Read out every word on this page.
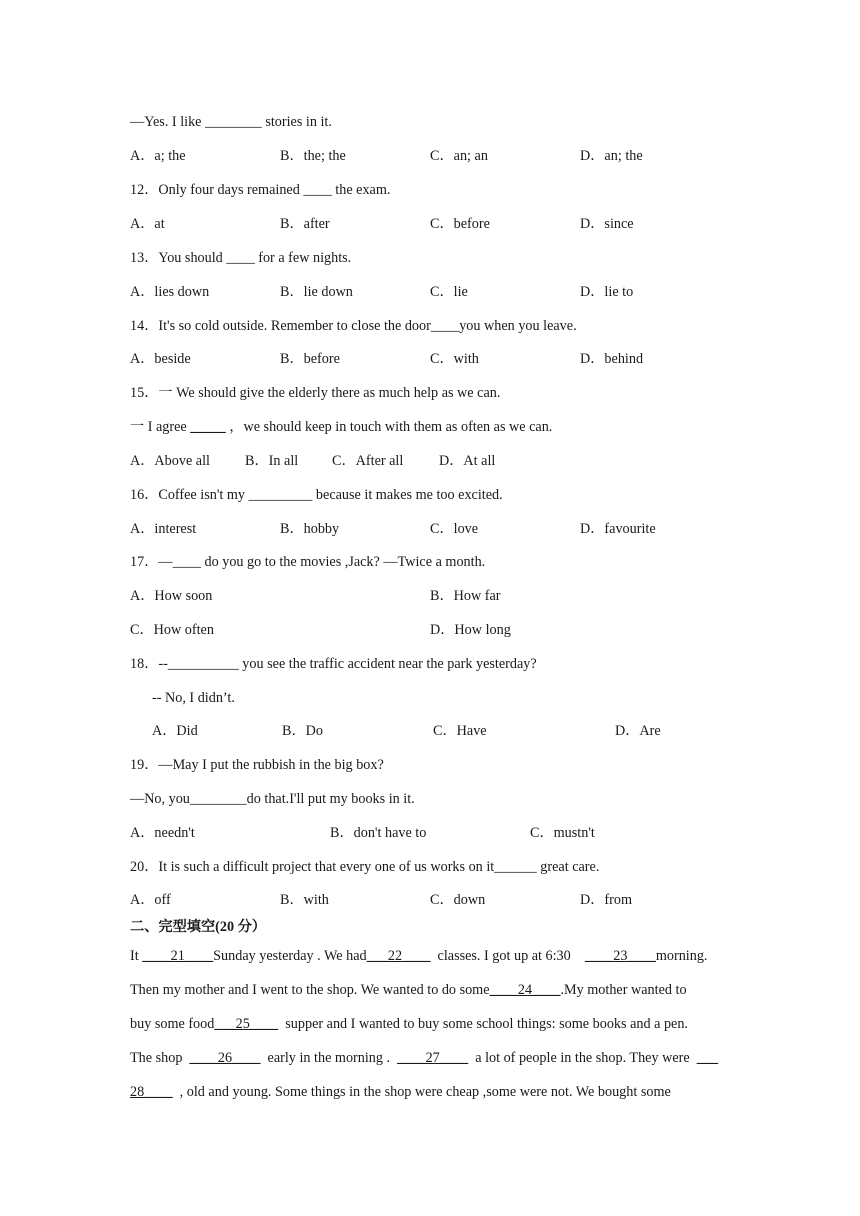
—Yes. I like ________ stories in it.
A．a; the	B．the; the	C．an; an	D．an; the
12．Only four days remained ____ the exam.
A．at	B．after	C．before	D．since
13．You should ____ for a few nights.
A．lies down	B．lie down	C．lie	D．lie to
14．It's so cold outside. Remember to close the door____you when you leave.
A．beside	B．before	C．with	D．behind
15．一 We should give the elderly there as much help as we can.
一 I agree _____ ，we should keep in touch with them as often as we can.
A．Above all B．In all C．After all	D．At all
16．Coffee isn't my _________ because it makes me too excited.
A．interest	B．hobby	C．love	D．favourite
17．—____ do you go to the movies ,Jack? —Twice a month.
A．How soon	B．How far
C．How often	D．How long
18．--__________ you see the traffic accident near the park yesterday?
-- No, I didn’t.
A．Did	B．Do	C．Have	D．Are
19．—May I put the rubbish in the big box?
—No, you________do that.I'll put my books in it.
A．needn't	B．don't have to	C．mustn't
20．It is such a difficult project that every one of us works on it______ great care.
A．off	B．with	C．down	D．from
二、完型填空(20 分）
It ____21____Sunday yesterday . We had___22____  classes. I got up at 6:30    ____23____morning.
Then my mother and I went to the shop. We wanted to do some____24____.My mother wanted to
buy some food___25____  supper and I wanted to buy some school things: some books and a pen.
The shop  ____26____  early in the morning .  ____27____  a lot of people in the shop. They were  ___
28____  , old and young. Some things in the shop were cheap ,some were not. We bought some
